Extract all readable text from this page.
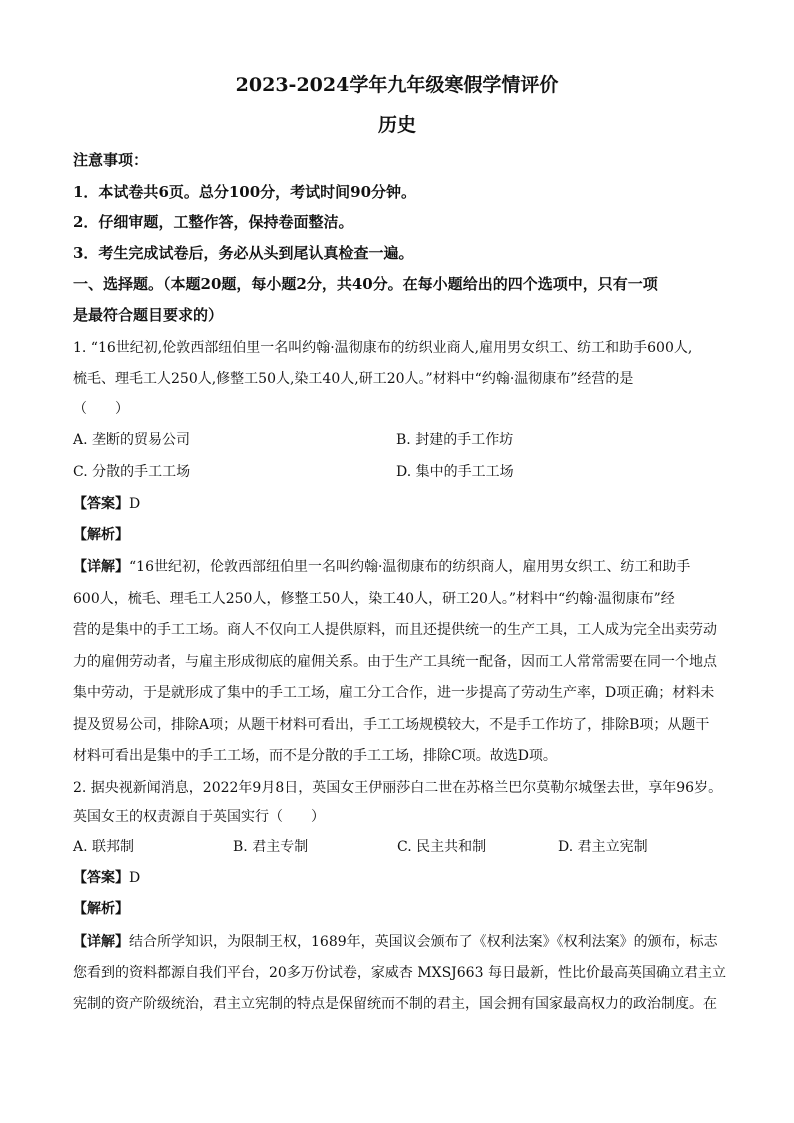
2023-2024学年九年级寒假学情评价
历史
注意事项：
1．本试卷共6页。总分100分，考试时间90分钟。
2．仔细审题，工整作答，保持卷面整洁。
3．考生完成试卷后，务必从头到尾认真检查一遍。
一、选择题。（本题20题，每小题2分，共40分。在每小题给出的四个选项中，只有一项
是最符合题目要求的）
1. “16世纪初,伦敦西部纽伯里一名叫约翰·温彻康布的纺织业商人,雇用男女织工、纺工和助手600人,
梳毛、理毛工人250人,修整工50人,染工40人,研工20人。”材料中“约翰·温彻康布”经营的是
（　　）
A. 垄断的贸易公司	B. 封建的手工作坊
C. 分散的手工工场	D. 集中的手工工场
【答案】D
【解析】
【详解】“16世纪初，伦敦西部纽伯里一名叫约翰·温彻康布的纺织商人，雇用男女织工、纺工和助手
600人，梳毛、理毛工人250人，修整工50人，染工40人，研工20人。”材料中“约翰·温彻康布”经
营的是集中的手工工场。商人不仅向工人提供原料，而且还提供统一的生产工具，工人成为完全出卖劳动
力的雇佣劳动者，与雇主形成彻底的雇佣关系。由于生产工具统一配备，因而工人常常需要在同一个地点
集中劳动，于是就形成了集中的手工工场，雇工分工合作，进一步提高了劳动生产率，D项正确；材料未
提及贸易公司，排除A项；从题干材料可看出，手工工场规模较大，不是手工作坊了，排除B项；从题干
材料可看出是集中的手工工场，而不是分散的手工工场，排除C项。故选D项。
2. 据央视新闻消息，2022年9月8日，英国女王伊丽莎白二世在苏格兰巴尔莫勒尔城堡去世，享年96岁。
英国女王的权责源自于英国实行（　　）
A. 联邦制	B. 君主专制	C. 民主共和制	D. 君主立宪制
【答案】D
【解析】
【详解】结合所学知识，为限制王权，1689年，英国议会颁布了《权利法案》《权利法案》的颁布，标志
您看到的资料都源自我们平台，20多万份试卷，家威杏 MXSJ663 每日最新，性比价最高英国确立君主立
宪制的资产阶级统治，君主立宪制的特点是保留统而不制的君主，国会拥有国家最高权力的政治制度。在
